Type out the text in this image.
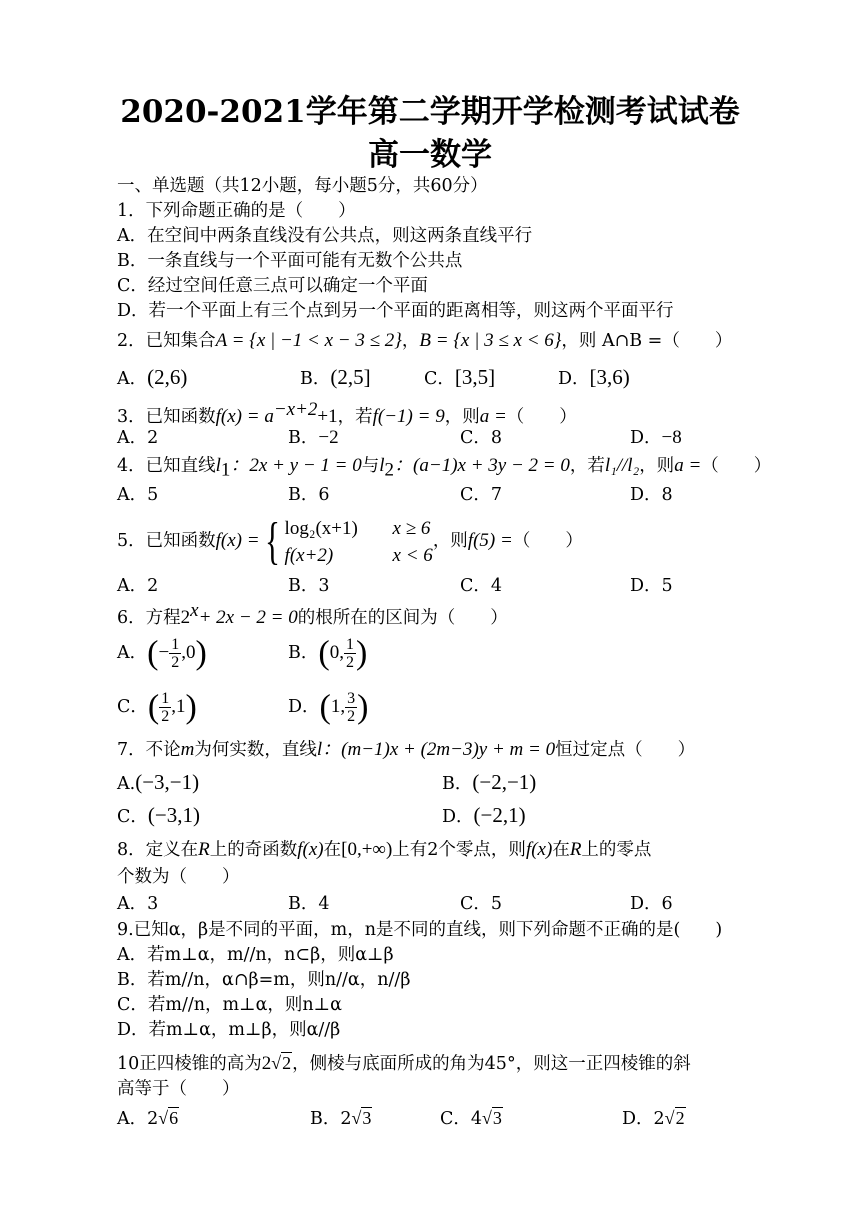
2020-2021学年第二学期开学检测考试试卷
高一数学
一、单选题（共12小题，每小题5分，共60分）
1．下列命题正确的是（　　）
A．在空间中两条直线没有公共点，则这两条直线平行
B．一条直线与一个平面可能有无数个公共点
C．经过空间任意三点可以确定一个平面
D．若一个平面上有三个点到另一个平面的距离相等，则这两个平面平行
2．已知集合A = {x | −1 < x − 3 ≤ 2}，B = {x | 3 ≤ x < 6}，则 A∩B =（　　）
A．(2,6)	B．(2,5]	C．[3,5]	D．[3,6)
3．已知函数$f(x) = a^{-x+2}+1$，若f(−1) = 9，则a =（　　）
A．2	B．−2	C．8	D．−8
4．已知直线$l_1$：2x + y − 1 = 0与$l_2$：(a−1)x + 3y − 2 = 0，若l₁//l₂，则a =（　　）
A．5	B．6	C．7	D．8
5．已知函数f(x) ={ log₂(x+1) x ≥ 6
f(x+2)	x < 6
，则f(5) =（　　）
A．2	B．3	C．4	D．5
6．方程$2^x+ 2x - 2 = 0$的根所在的区间为（　　）
A．(− $\frac{1}{2} ,0$)	B．(0, $\frac{1}{2}$ )
C．( $\frac{1}{2} ,1$)	D．(1, $\frac{3}{2}$ )
7．不论m为何实数，直线l：(m−1)x + (2m−3)y + m = 0恒过定点（　　）
A.(−3,−1)	B．(−2,−1)
C．(−3,1)	D．(−2,1)
8．定义在R上的奇函数f(x)在[0,+∞)上有2个零点，则f(x)在R上的零点
个数为（　　）
A．3	B．4	C．5	D．6
9.已知α，β是不同的平面，m，n是不同的直线，则下列命题不正确的是(　　)
A．若m⊥α，m//n，n⊂β，则α⊥β
B．若m//n，α∩β=m，则n//α，n//β
C．若m//n，m⊥α，则n⊥α
D．若m⊥α，m⊥β，则α//β
10正四棱锥的高为2√2，侧棱与底面所成的角为45°，则这一正四棱锥的斜
高等于（　　）
A．2√6	B．2√3	C．4√3	D．2√2
